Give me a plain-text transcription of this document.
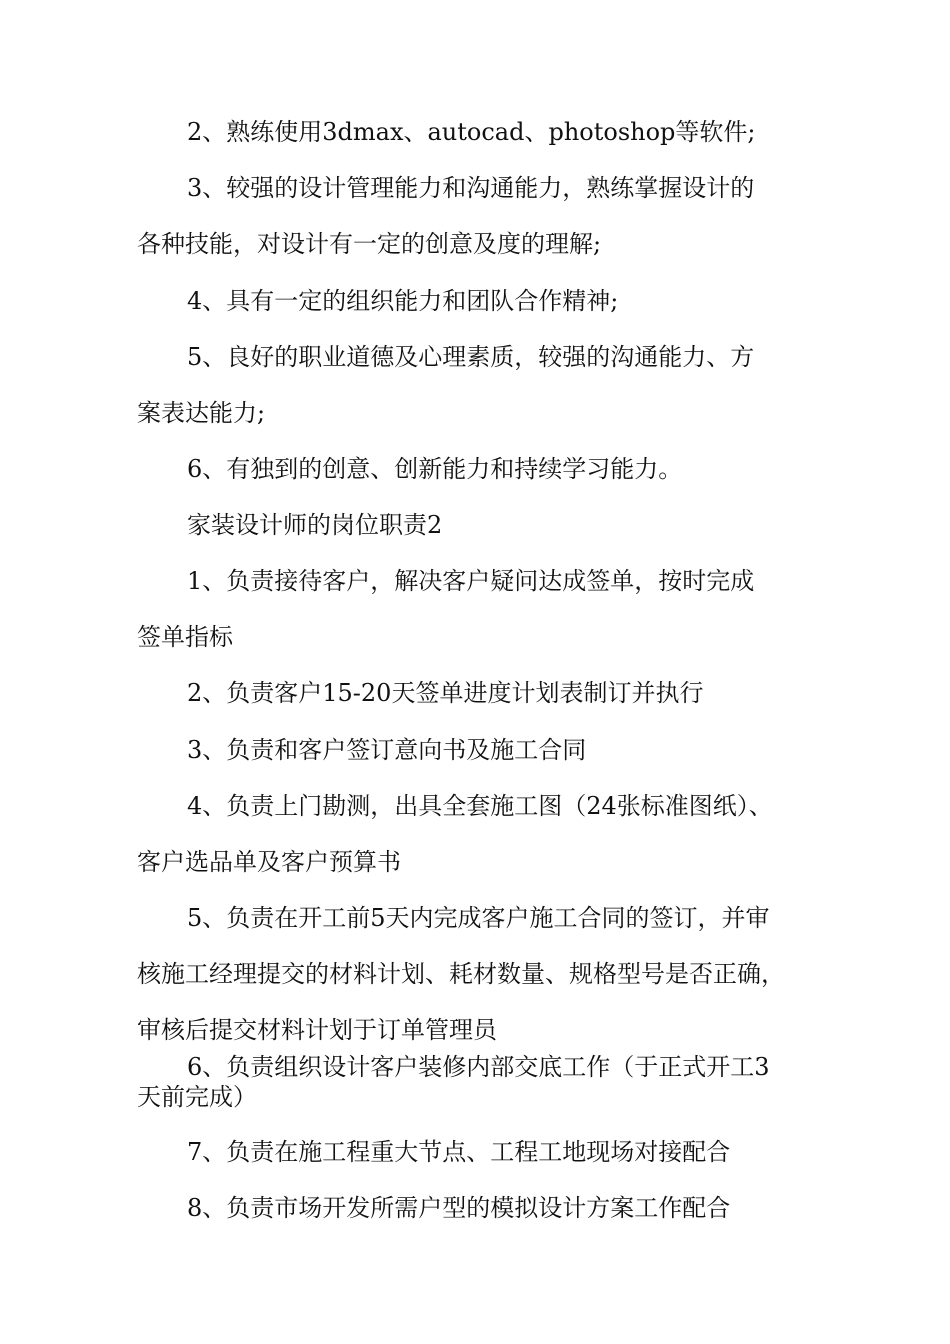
2、熟练使用3dmax、autocad、photoshop等软件;
3、较强的设计管理能力和沟通能力，熟练掌握设计的
各种技能，对设计有一定的创意及度的理解;
4、具有一定的组织能力和团队合作精神;
5、良好的职业道德及心理素质，较强的沟通能力、方
案表达能力;
6、有独到的创意、创新能力和持续学习能力。
家装设计师的岗位职责2
1、负责接待客户，解决客户疑问达成签单，按时完成
签单指标
2、负责客户15-20天签单进度计划表制订并执行
3、负责和客户签订意向书及施工合同
4、负责上门勘测，出具全套施工图（24张标准图纸）、
客户选品单及客户预算书
5、负责在开工前5天内完成客户施工合同的签订，并审
核施工经理提交的材料计划、耗材数量、规格型号是否正确，
审核后提交材料计划于订单管理员
6、负责组织设计客户装修内部交底工作（于正式开工3
天前完成）
7、负责在施工程重大节点、工程工地现场对接配合
8、负责市场开发所需户型的模拟设计方案工作配合
